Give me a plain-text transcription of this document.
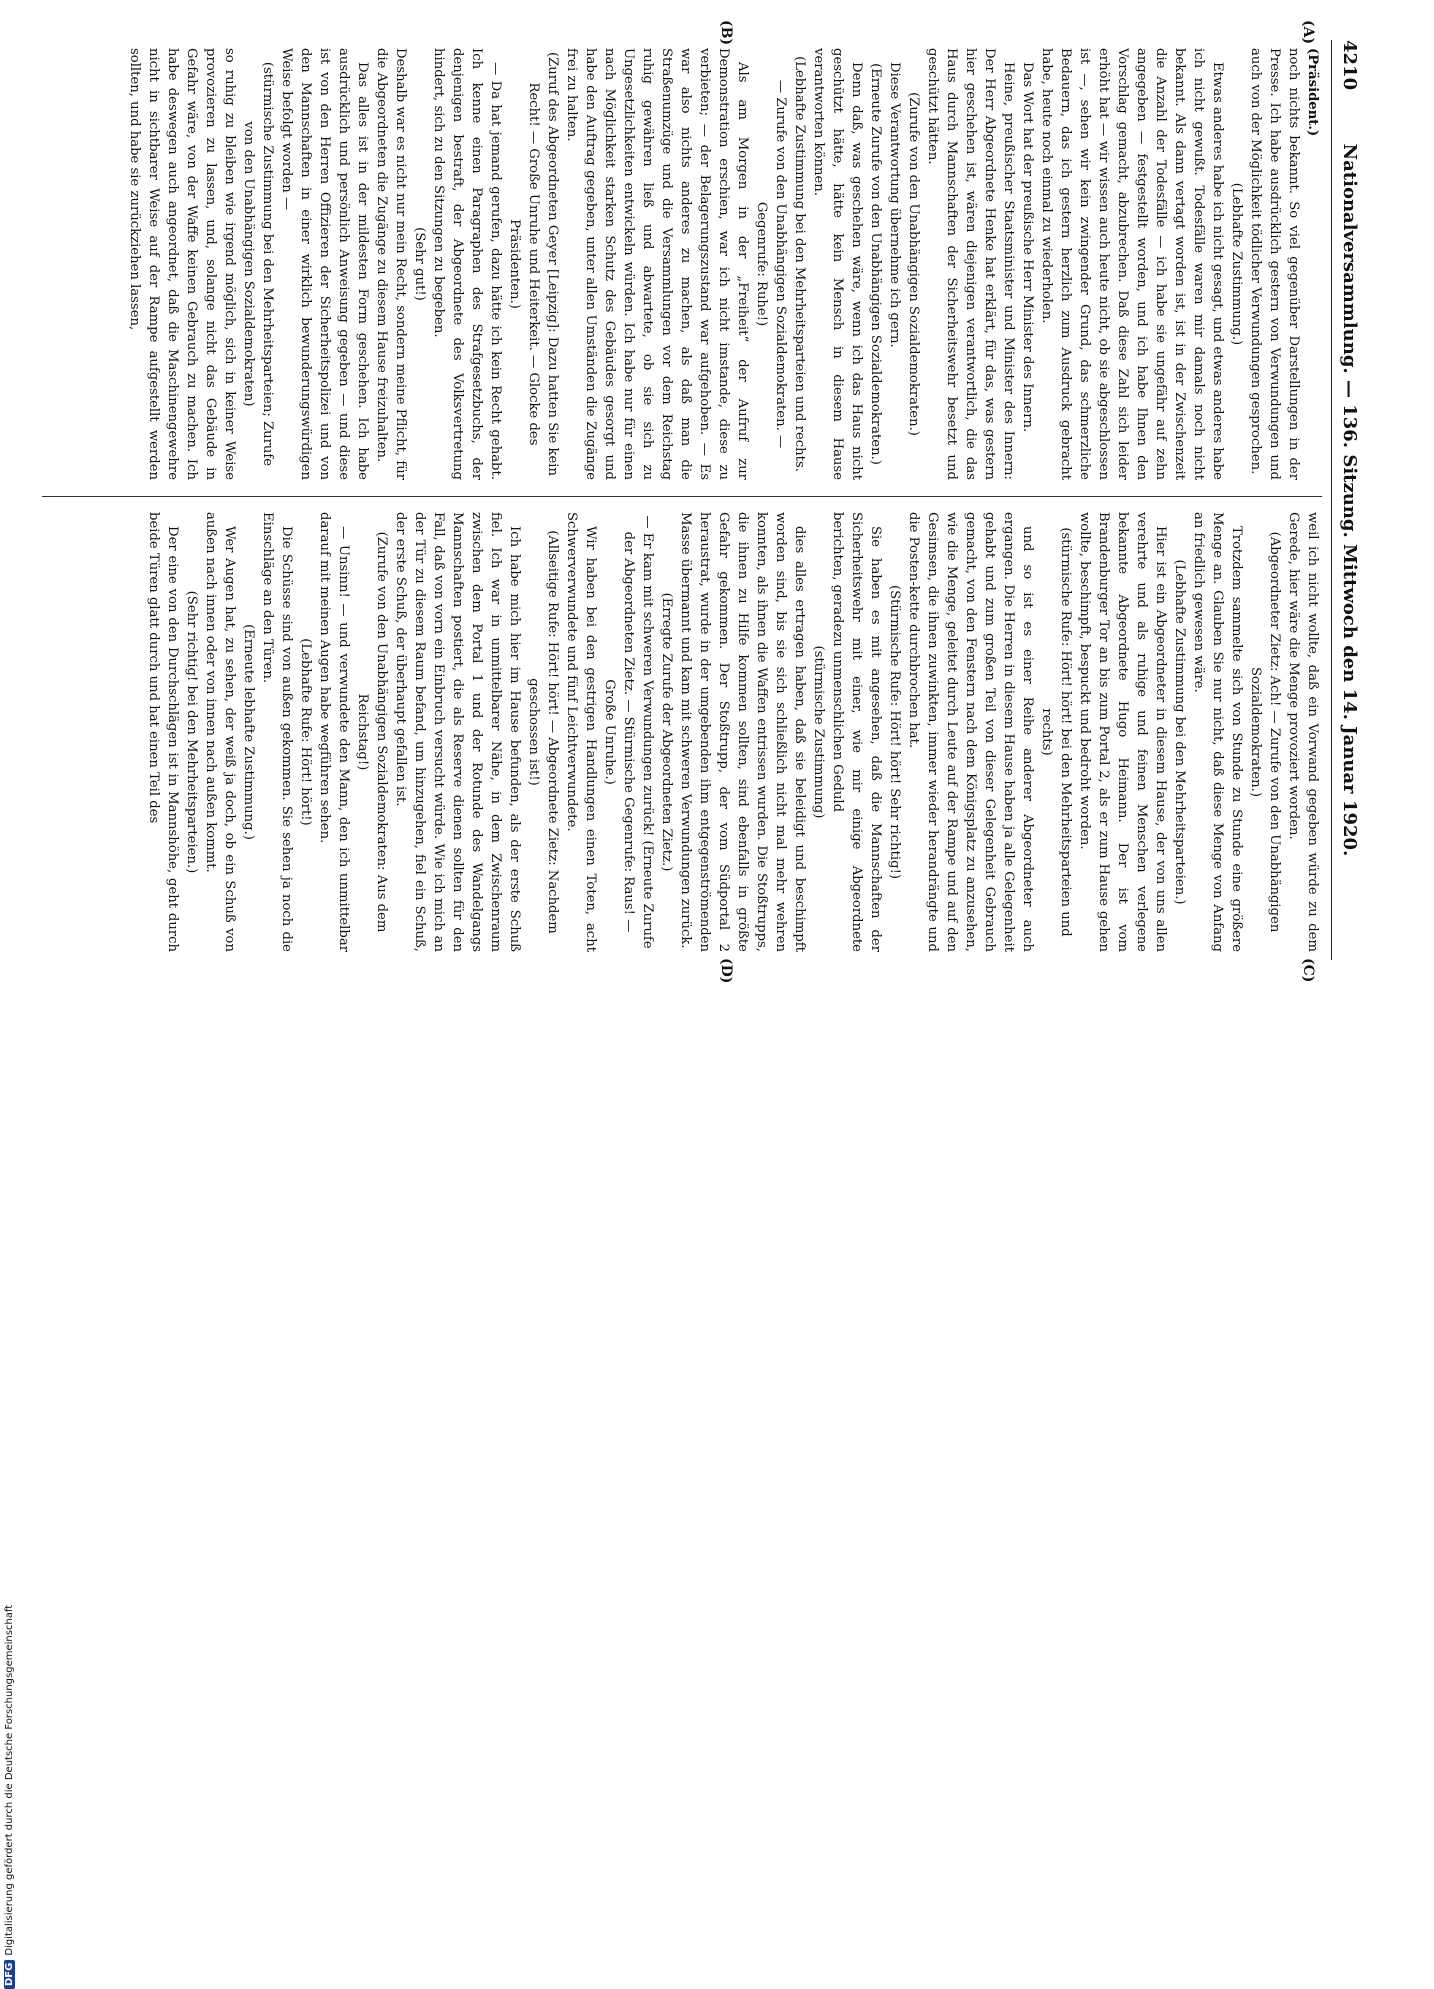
4210
Nationalversammlung. — 136. Sitzung. Mittwoch den 14. Januar 1920.
(A)
(B)
(C)
(D)

(Präsident.)

noch nichts bekannt. So viel gegenüber Darstellungen in der Presse. Ich habe ausdrücklich gestern von Verwundungen und auch von der Möglichkeit tödlicher Verwundungen gesprochen.

(Lebhafte Zustimmung.)

Etwas anderes habe ich nicht gesagt, und etwas anderes habe ich nicht gewußt. Todesfälle waren mir damals noch nicht bekannt. Als dann vertagt worden ist, ist in der Zwischenzeit die Anzahl der Todesfälle — ich habe sie ungefähr auf zehn angegeben — festgestellt worden, und ich habe Ihnen den Vorschlag gemacht, abzubrechen. Daß diese Zahl sich leider erhöht hat — wir wissen auch heute nicht, ob sie abgeschlossen ist —, sehen wir kein zwingender Grund, das schmerzliche Bedauern, das ich gestern herzlich zum Ausdruck gebracht habe, heute noch einmal zu wiederholen.

Das Wort hat der preußische Herr Minister des Innern.

Heine, preußischer Staatsminister und Minister des Innern: Der Herr Abgeordnete Henke hat erklärt, für das, was gestern hier geschehen ist, wären diejenigen verantwortlich, die das Haus durch Mannschaften der Sicherheitswehr besetzt und geschützt hätten.

(Zurufe von den Unabhängigen Sozialdemokraten.)

Diese Verantwortung übernehme ich gern.

(Erneute Zurufe von den Unabhängigen Sozialdemokraten.)

Denn daß, was geschehen wäre, wenn ich das Haus nicht geschützt hätte, hätte kein Mensch in diesem Hause verantworten können.

(Lebhafte Zustimmung bei den Mehrheitsparteien und rechts. — Zurufe von den Unabhängigen Sozialdemokraten. — Gegenrufe: Ruhe!)

Als am Morgen in der „Freiheit“ der Aufruf zur Demonstration erschien, war ich nicht imstande, diese zu verbieten; — der Belagerungszustand war aufgehoben. — Es war also nichts anderes zu machen, als daß man die Straßenumzüge und die Versammlungen vor dem Reichstag ruhig gewähren ließ und abwartete, ob sie sich zu Ungesetzlichkeiten entwickeln würden. Ich habe nur für einen nach Möglichkeit starken Schutz des Gebäudes gesorgt und habe den Auftrag gegeben, unter allen Umständen die Zugänge frei zu halten.

(Zuruf des Abgeordneten Geyer [Leipzig]: Dazu hatten Sie kein Recht! — Große Unruhe und Heiterkeit. — Glocke des Präsidenten.)

— Da hat jemand gerufen, dazu hätte ich kein Recht gehabt. Ich kenne einen Paragraphen des Strafgesetzbuchs, der denjenigen bestraft, der Abgeordnete des Volksvertretung hindert, sich zu den Sitzungen zu begeben.

(Sehr gut!)

Deshalb war es nicht nur mein Recht, sondern meine Pflicht, für die Abgeordneten die Zugänge zu diesem Hause freizuhalten.

Das alles ist in der mildesten Form geschehen. Ich habe ausdrücklich und persönlich Anweisung gegeben — und diese ist von den Herren Offizieren der Sicherheitspolizei und von den Mannschaften in einer wirklich bewunderungswürdigen Weise befolgt worden —

(stürmische Zustimmung bei den Mehrheitsparteien; Zurufe von den Unabhängigen Sozialdemokraten)

so ruhig zu bleiben wie irgend möglich, sich in keiner Weise provozieren zu lassen, und, solange nicht das Gebäude in Gefahr wäre, von der Waffe keinen Gebrauch zu machen. Ich habe deswegen auch angeordnet, daß die Maschinengewehre nicht in sichtbarer Weise auf der Rampe aufgestellt werden sollten, und habe sie zurückziehen lassen,

weil ich nicht wollte, daß ein Vorwand gegeben würde zu dem Gerede, hier wäre die Menge provoziert worden.

(Abgeordneter Zietz: Ach! — Zurufe von den Unabhängigen Sozialdemokraten.)

Trotzdem sammelte sich von Stunde zu Stunde eine größere Menge an. Glauben Sie nur nicht, daß diese Menge von Anfang an friedlich gewesen wäre.

(Lebhafte Zustimmung bei den Mehrheitsparteien.)

Hier ist ein Abgeordneter in diesem Hause, der von uns allen verehrte und als ruhige und feinen Menschen verlegene bekannte Abgeordnete Hugo Heimann. Der ist vom Brandenburger Tor an bis zum Portal 2, als er zum Hause gehen wollte, beschimpft, bespuckt und bedroht worden.

(stürmische Rufe: Hört! hört! bei den Mehrheitsparteien und rechts)

und so ist es einer Reihe anderer Abgeordneter auch ergangen. Die Herren in diesem Hause haben ja alle Gelegenheit gehabt und zum großen Teil von dieser Gelegenheit Gebrauch gemacht, von den Fenstern nach dem Königsplatz zu anzusehen, wie die Menge, geleitet durch Leute auf der Rampe und auf den Gesimsen, die ihnen zuwinkten, immer wieder herandrängte und die Posten-kette durchbrochen hat.

(Stürmische Rufe: Hört! hört! Sehr richtig!)

Sie haben es mit angesehen, daß die Mannschaften der Sicherheitswehr mit einer, wie mir einige Abgeordnete berichten, geradezu unmenschlichen Geduld

(stürmische Zustimmung)

dies alles ertragen haben, daß sie beleidigt und beschimpft worden sind, bis sie sich schließlich nicht mal mehr wehren konnten, als ihnen die Waffen entrissen wurden. Die Stoßtrupps, die ihnen zu Hilfe kommen sollten, sind ebenfalls in größte Gefahr gekommen. Der Stoßtrupp, der vom Südportal 2 heraustrat, wurde in der umgebenden ihm entgegenströmenden Masse übermannt und kam mit schweren Verwundungen zurück.

(Erregte Zurufe der Abgeordneten Zietz.)

— Er kam mit schweren Verwundungen zurück! (Erneute Zurufe der Abgeordneten Zietz. — Stürmische Gegenrufe: Raus! — Große Unruhe.)

Wir haben bei den gestrigen Handlungen einen Toten, acht Schwerverwundete und fünf Leichtverwundete.

(Allseitige Rufe: Hört! hört! — Abgeordnete Zietz: Nachdem geschossen ist!)

Ich habe mich hier im Hause befunden, als der erste Schuß fiel. Ich war in unmittelbarer Nähe, in dem Zwischenraum zwischen dem Portal 1 und der Rotunde des Wandelgangs Mannschaften postiert, die als Reserve dienen sollten für den Fall, daß von vorn ein Einbruch versucht würde. Wie ich mich an der Tür zu diesem Raum befand, um hinzugehen, fiel ein Schuß, der erste Schuß, der überhaupt gefallen ist.

(Zurufe von den Unabhängigen Sozialdemokraten: Aus dem Reichstag!)

— Unsinn! — und verwundete den Mann, den ich unmittelbar darauf mit meinen Augen habe wegführen sehen.

(Lebhafte Rufe: Hört! hört!)

Die Schüsse sind von außen gekommen. Sie sehen ja noch die Einschläge an den Türen.

(Erneute lebhafte Zustimmung.)

Wer Augen hat, zu sehen, der weiß ja doch, ob ein Schuß von außen nach innen oder von innen nach außen kommt.

(Sehr richtig! bei den Mehrheitsparteien.)

Der eine von den Durchschlägen ist in Mannshöhe, geht durch beide Türen glatt durch und hat einen Teil des

DFGDigitalisierung gefördert durch die Deutsche Forschungsgemeinschaft
